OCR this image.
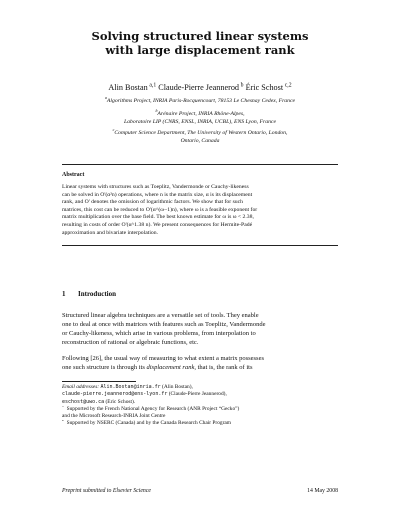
Solving structured linear systems
with large displacement rank
Alin Bostan  $^{a,1}$ Claude-Pierre Jeannerod  $^b$ Éric Schost  $^{c,2}$
$^a$Algorithms Project, INRIA Paris-Rocquencourt, 78153 Le Chesnay Cedex, France
$^b$Arénaire Project, INRIA Rhône-Alpes,
Laboratoire LIP (CNRS, ENSL, INRIA, UCBL), ENS Lyon, France
$^c$Computer Science Department, The University of Western Ontario, London,
Ontario, Canada
Abstract
Linear systems with structures such as Toeplitz, Vandermonde or Cauchy-likeness
can be solved in O'(α²n) operations, where n is the matrix size, α is its displacement
rank, and O' denotes the omission of logarithmic factors. We show that for such
matrices, this cost can be reduced to O'(α^(ω−1)n), where ω is a feasible exponent for
matrix multiplication over the base field. The best known estimate for ω is ω < 2.38,
resulting in costs of order O'(α^1.38 n). We present consequences for Hermite-Padé
approximation and bivariate interpolation.
1 Introduction
Structured linear algebra techniques are a versatile set of tools. They enable
one to deal at once with matrices with features such as Toeplitz, Vandermonde
or Cauchy-likeness, which arise in various problems, from interpolation to
reconstruction of rational or algebraic functions, etc.
Following [26], the usual way of measuring to what extent a matrix possesses
one such structure is through its displacement rank, that is, the rank of its
Email addresses: Alin.Bostan@inria.fr (Alin Bostan),
claude-pierre.jeannerod@ens-lyon.fr (Claude-Pierre Jeannerod),
eschost@uwo.ca (Éric Schost).
$^1$ Supported by the French National Agency for Research (ANR Project “Gecko”)
and the Microsoft Research-INRIA Joint Centre
$^2$ Supported by NSERC (Canada) and by the Canada Research Chair Program
Preprint submitted to Elsevier Science	14 May 2008
